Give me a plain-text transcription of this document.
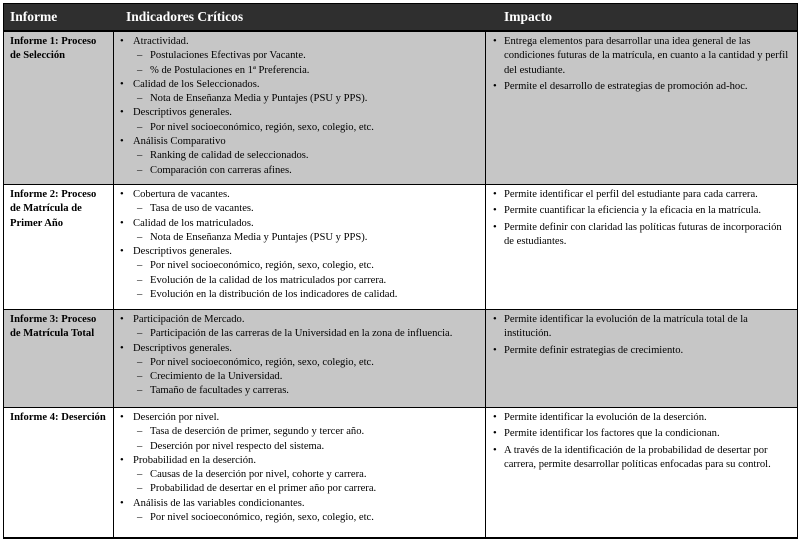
Informe	Indicadores Críticos	Impacto
Informe 1: Proceso de Selección
• Atractividad.
– Postulaciones Efectivas por Vacante.
– % de Postulaciones en 1ª Preferencia.
• Calidad de los Seleccionados.
– Nota de Enseñanza Media y Puntajes (PSU y PPS).
• Descriptivos generales.
– Por nivel socioeconómico, región, sexo, colegio, etc.
• Análisis Comparativo
– Ranking de calidad de seleccionados.
– Comparación con carreras afines.
• Entrega elementos para desarrollar una idea general de las condiciones futuras de la matrícula, en cuanto a la cantidad y perfil del estudiante.
• Permite el desarrollo de estrategias de promoción ad-hoc.
Informe 2: Proceso de Matrícula de Primer Año
• Cobertura de vacantes.
– Tasa de uso de vacantes.
• Calidad de los matriculados.
– Nota de Enseñanza Media y Puntajes (PSU y PPS).
• Descriptivos generales.
– Por nivel socioeconómico, región, sexo, colegio, etc.
– Evolución de la calidad de los matriculados por carrera.
– Evolución en la distribución de los indicadores de calidad.
• Permite identificar el perfil del estudiante para cada carrera.
• Permite cuantificar la eficiencia y la eficacia en la matrícula.
• Permite definir con claridad las políticas futuras de incorporación de estudiantes.
Informe 3: Proceso de Matrícula Total
• Participación de Mercado.
– Participación de las carreras de la Universidad en la zona de influencia.
• Descriptivos generales.
– Por nivel socioeconómico, región, sexo, colegio, etc.
– Crecimiento de la Universidad.
– Tamaño de facultades y carreras.
• Permite identificar la evolución de la matrícula total de la institución.
• Permite definir estrategias de crecimiento.
Informe 4: Deserción
•	Deserción por nivel.
– Tasa de deserción de primer, segundo y tercer año.
– Deserción por nivel respecto del sistema.
• Probabilidad en la deserción.
– Causas de la deserción por nivel, cohorte y carrera.
– Probabilidad de desertar en el primer año por carrera.
• Análisis de las variables condicionantes.
– Por nivel socioeconómico, región, sexo, colegio, etc.
• Permite identificar la evolución de la deserción.
• Permite identificar los factores que la condicionan.
• A través de la identificación de la probabilidad de desertar por carrera, permite desarrollar políticas enfocadas para su control.
